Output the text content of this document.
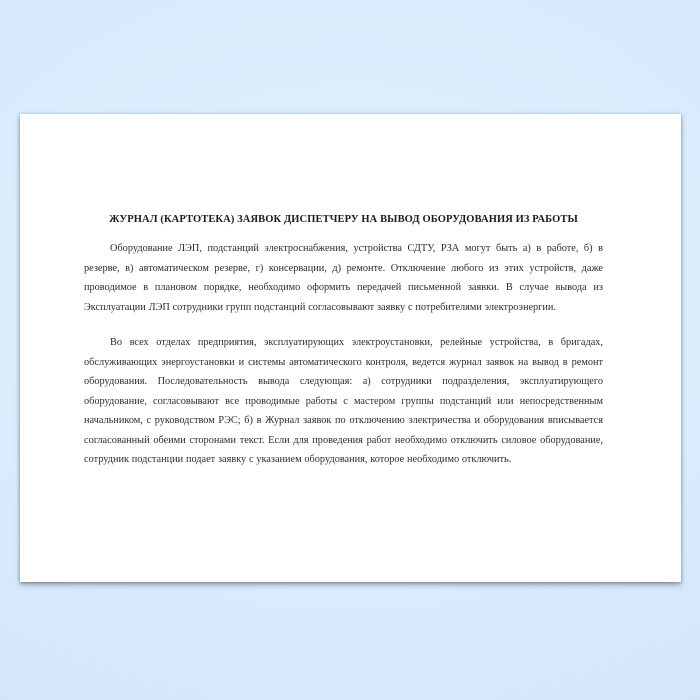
ЖУРНАЛ (КАРТОТЕКА) ЗАЯВОК ДИСПЕТЧЕРУ НА ВЫВОД ОБОРУДОВАНИЯ ИЗ РАБОТЫ

Оборудование ЛЭП, подстанций электроснабжения, устройства СДТУ, РЗА могут быть а) в работе, б) в резерве, в) автоматическом резерве, г) консервации, д) ремонте. Отключение любого из этих устройств, даже проводимое в плановом порядке, необходимо оформить передачей письменной заявки. В случае вывода из Эксплуатации ЛЭП сотрудники групп подстанций согласовывают заявку с потребителями электроэнергии.

Во всех отделах предприятия, эксплуатирующих электроустановки, релейные устройства, в бригадах, обслуживающих энергоустановки и системы автоматического контроля, ведется журнал заявок на вывод в ремонт оборудования. Последовательность вывода следующая: а) сотрудники подразделения, эксплуатирующего оборудование, согласовывают все проводимые работы с мастером группы подстанций или непосредственным начальником, с руководством РЭС; б) в Журнал заявок по отключению электричества и оборудования вписывается согласованный обеими сторонами текст. Если для проведения работ необходимо отключить силовое оборудование, сотрудник подстанции подает заявку с указанием оборудования, которое необходимо отключить.
